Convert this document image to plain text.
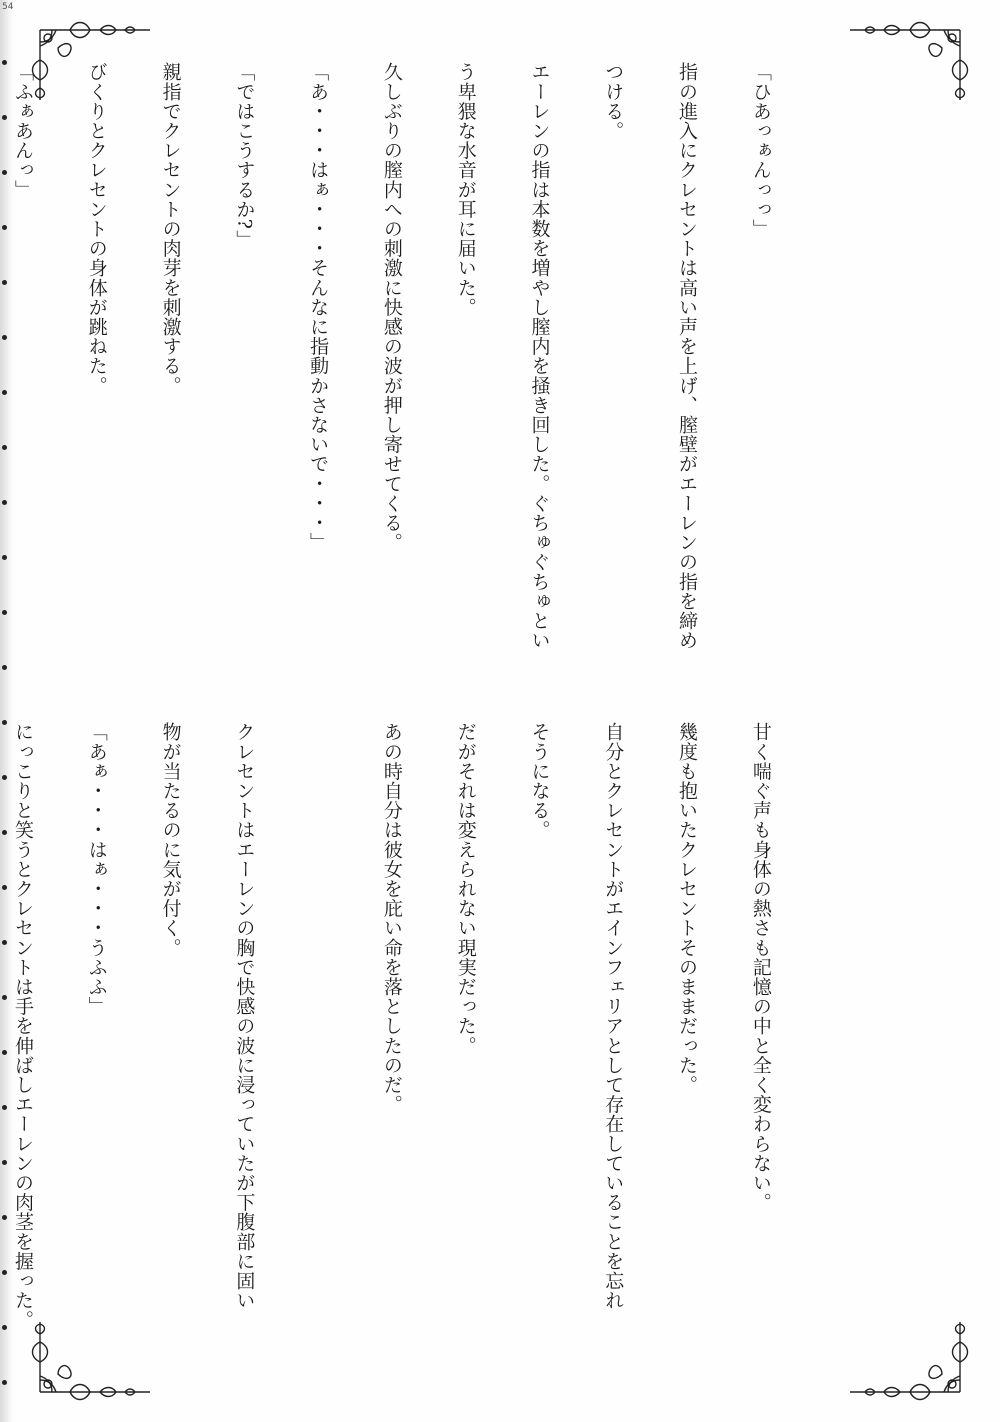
54

「ひあっぁんっっ」

指の進入にクレセントは高い声を上げ、膣壁がエーレンの指を締め

つける。

エーレンの指は本数を増やし膣内を掻き回した。ぐちゅぐちゅとい

う卑猥な水音が耳に届いた。

久しぶりの膣内への刺激に快感の波が押し寄せてくる。

「あ・・・はぁ・・・そんなに指動かさないで・・・」

「ではこうするか?」

親指でクレセントの肉芽を刺激する。

びくりとクレセントの身体が跳ねた。

「ふぁあんっ」

甘く喘ぐ声も身体の熱さも記憶の中と全く変わらない。

幾度も抱いたクレセントそのままだった。

自分とクレセントがエインフェリアとして存在していることを忘れ

そうになる。

だがそれは変えられない現実だった。

あの時自分は彼女を庇い命を落としたのだ。

クレセントはエーレンの胸で快感の波に浸っていたが下腹部に固い

物が当たるのに気が付く。

「あぁ・・・はぁ・・・うふふ」

にっこりと笑うとクレセントは手を伸ばしエーレンの肉茎を握った。
